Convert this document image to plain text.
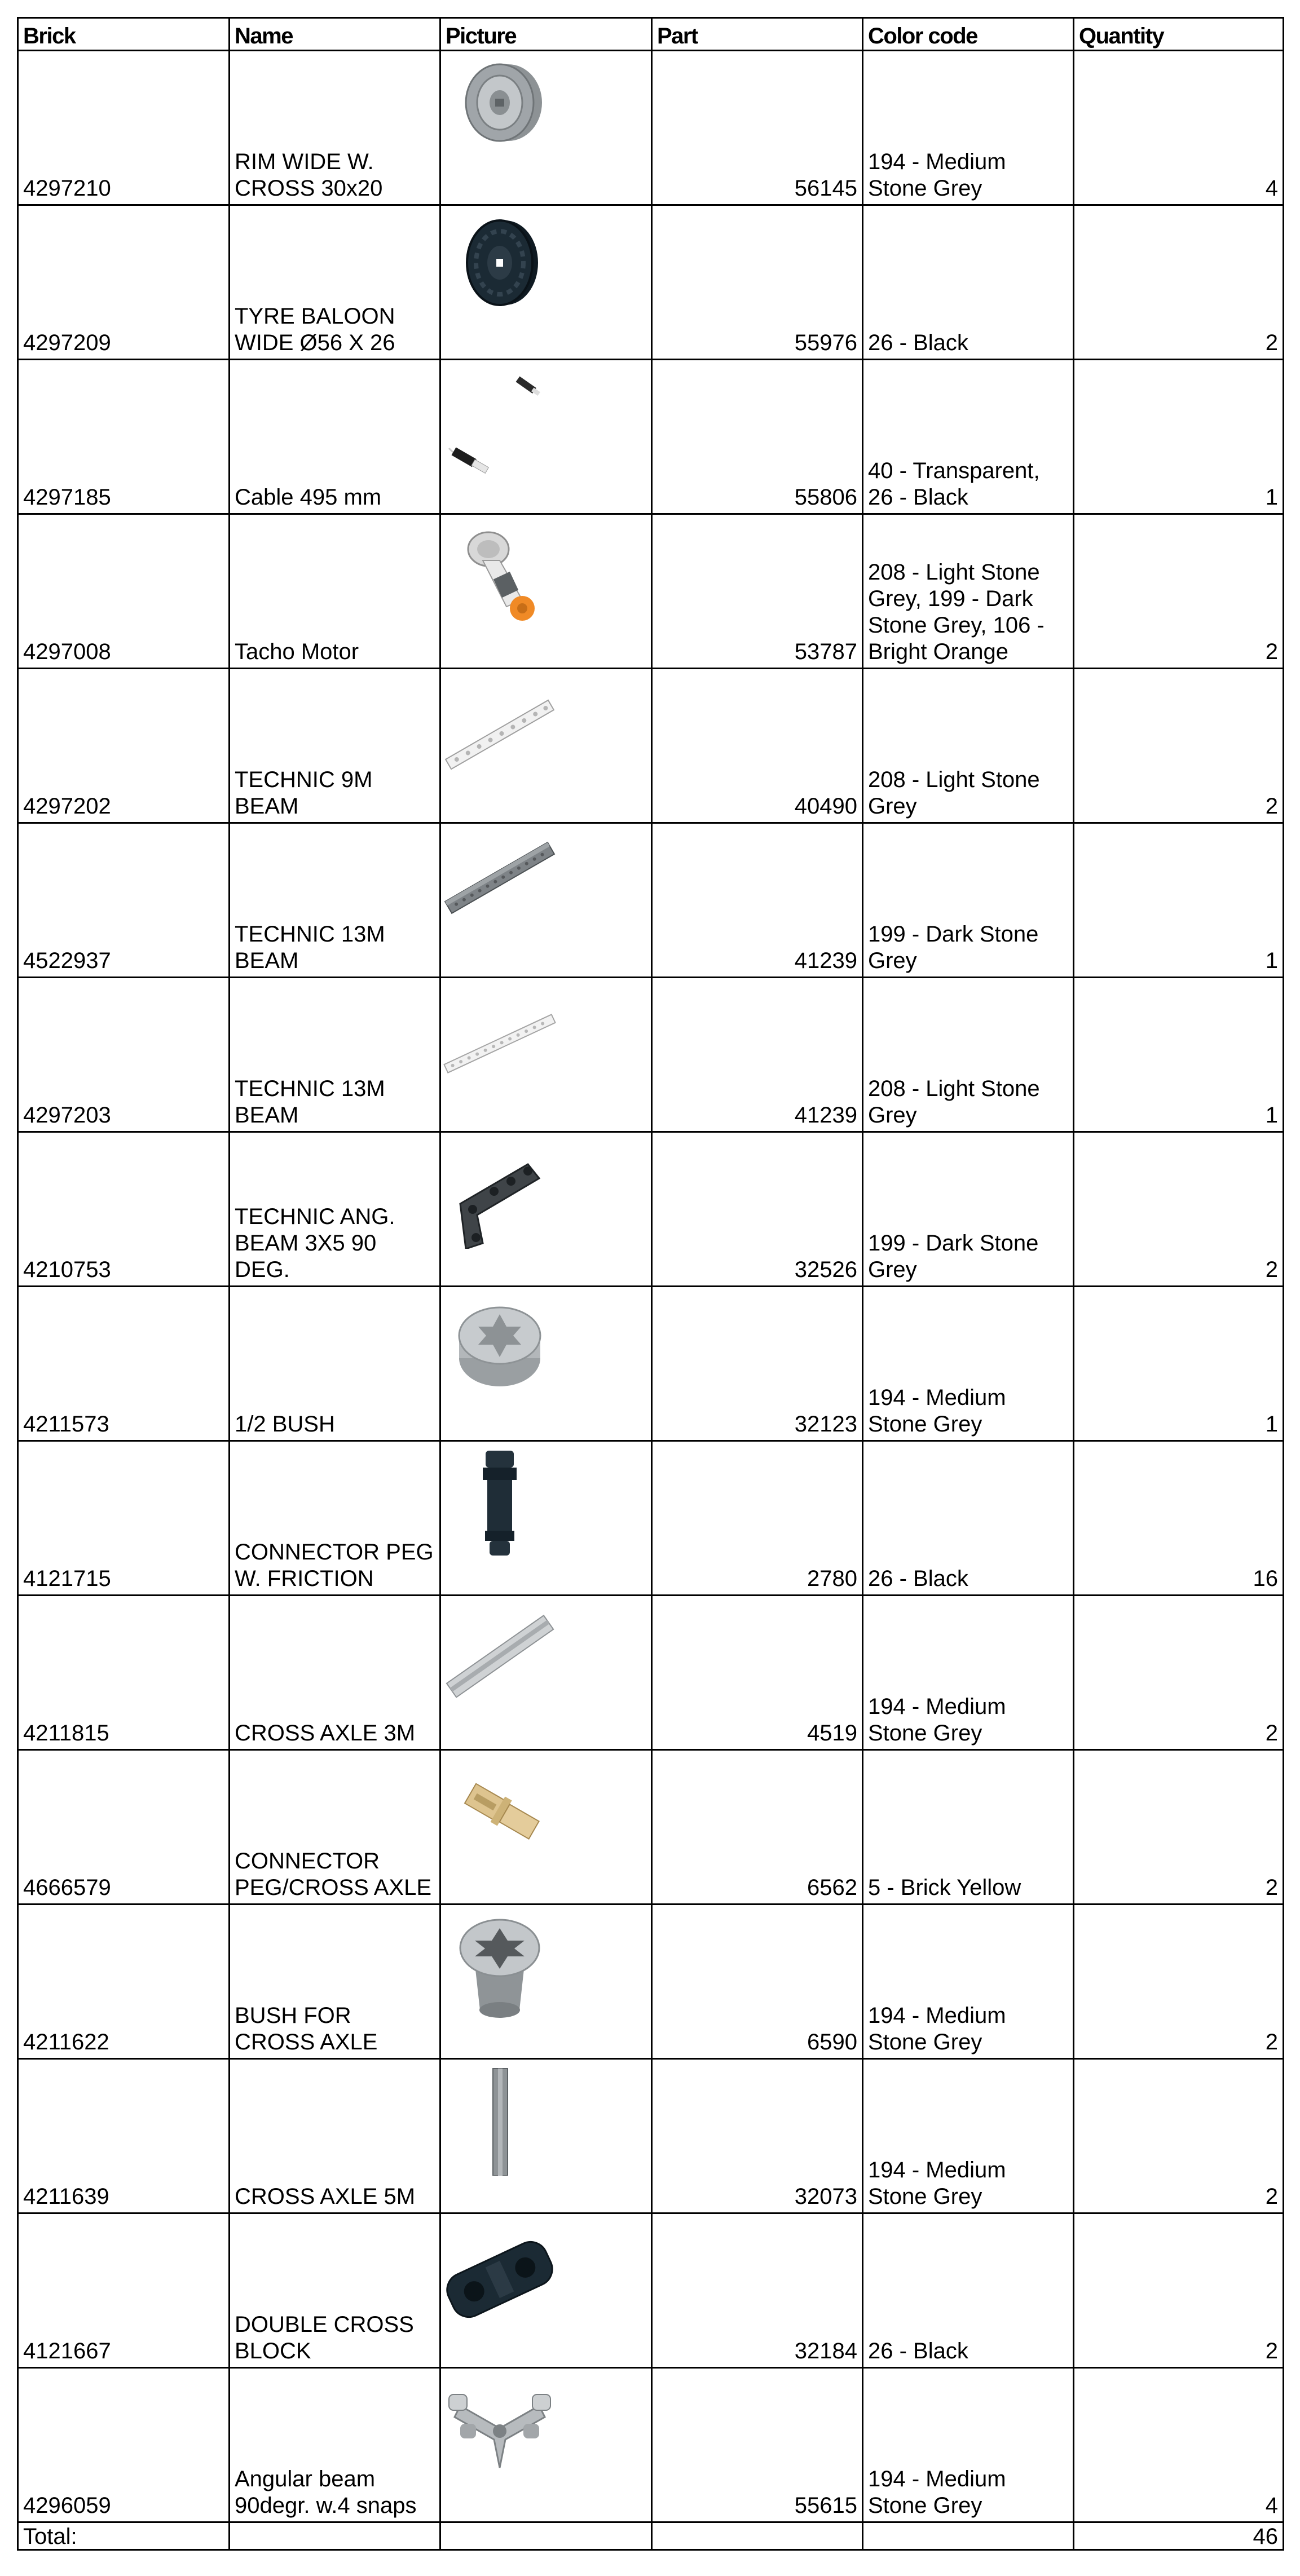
Brick	Name	Picture	Part	Color code	Quantity
4297210	RIM WIDE W. CROSS 30x20		56145	194 - Medium Stone Grey	4
4297209	TYRE BALOON WIDE Ø56 X 26		55976	26 - Black	2
4297185	Cable 495 mm		55806	40 - Transparent, 26 - Black	1
4297008	Tacho Motor		53787	208 - Light Stone Grey, 199 - Dark Stone Grey, 106 - Bright Orange	2
4297202	TECHNIC 9M BEAM		40490	208 - Light Stone Grey	2
4522937	TECHNIC 13M BEAM		41239	199 - Dark Stone Grey	1
4297203	TECHNIC 13M BEAM		41239	208 - Light Stone Grey	1
4210753	TECHNIC ANG. BEAM 3X5 90 DEG.		32526	199 - Dark Stone Grey	2
4211573	1/2 BUSH		32123	194 - Medium Stone Grey	1
4121715	CONNECTOR PEG W. FRICTION		2780	26 - Black	16
4211815	CROSS AXLE 3M		4519	194 - Medium Stone Grey	2
4666579	CONNECTOR PEG/CROSS AXLE		6562	5 - Brick Yellow	2
4211622	BUSH FOR CROSS AXLE		6590	194 - Medium Stone Grey	2
4211639	CROSS AXLE 5M		32073	194 - Medium Stone Grey	2
4121667	DOUBLE CROSS BLOCK		32184	26 - Black	2
4296059	Angular beam 90degr. w.4 snaps		55615	194 - Medium Stone Grey	4
Total:					46
